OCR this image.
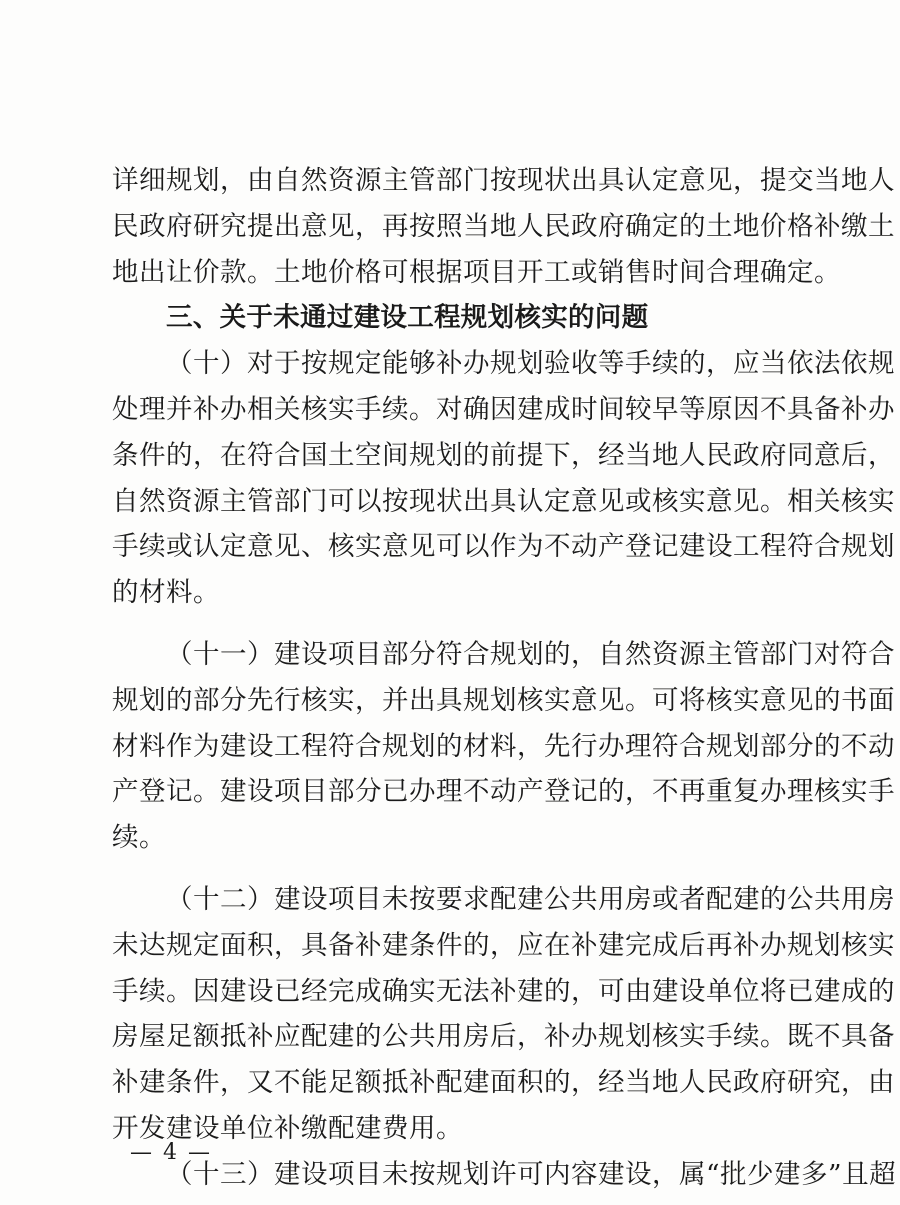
详细规划，由自然资源主管部门按现状出具认定意见，提交当地人
民政府研究提出意见，再按照当地人民政府确定的土地价格补缴土
地出让价款。土地价格可根据项目开工或销售时间合理确定。
三、关于未通过建设工程规划核实的问题
（十）对于按规定能够补办规划验收等手续的，应当依法依规
处理并补办相关核实手续。对确因建成时间较早等原因不具备补办
条件的，在符合国土空间规划的前提下，经当地人民政府同意后，
自然资源主管部门可以按现状出具认定意见或核实意见。相关核实
手续或认定意见、核实意见可以作为不动产登记建设工程符合规划
的材料。
（十一）建设项目部分符合规划的，自然资源主管部门对符合
规划的部分先行核实，并出具规划核实意见。可将核实意见的书面
材料作为建设工程符合规划的材料，先行办理符合规划部分的不动
产登记。建设项目部分已办理不动产登记的，不再重复办理核实手
续。
（十二）建设项目未按要求配建公共用房或者配建的公共用房
未达规定面积，具备补建条件的，应在补建完成后再补办规划核实
手续。因建设已经完成确实无法补建的，可由建设单位将已建成的
房屋足额抵补应配建的公共用房后，补办规划核实手续。既不具备
补建条件，又不能足额抵补配建面积的，经当地人民政府研究，由
开发建设单位补缴配建费用。
（十三）建设项目未按规划许可内容建设，属“批少建多”且超
— 4 —
